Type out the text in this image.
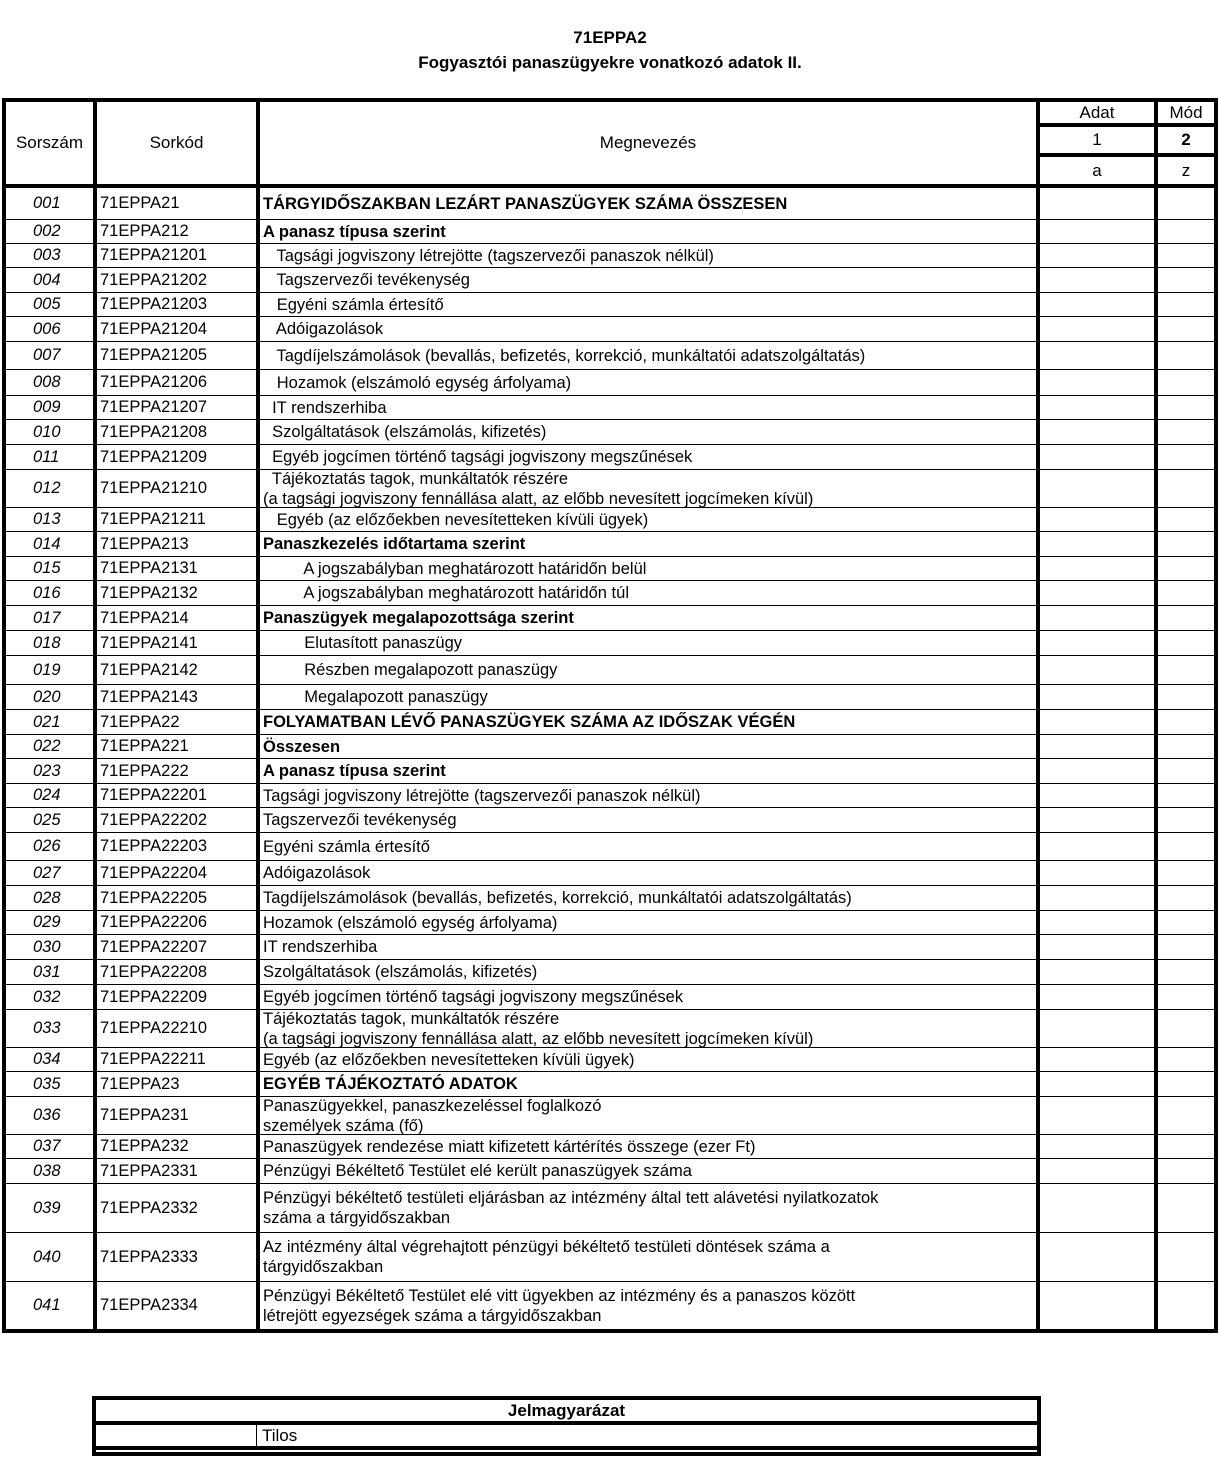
71EPPA2
Fogyasztói panaszügyekre vonatkozó adatok II.
Sorszám	Sorkód	Megnevezés
Adat	Mód
1	2
a	z
001	71EPPA21	TÁRGYIDŐSZAKBAN LEZÁRT PANASZÜGYEK SZÁMA ÖSSZESEN
002	71EPPA212	A panasz típusa szerint
003	71EPPA21201	Tagsági jogviszony létrejötte (tagszervezői panaszok nélkül)
004	71EPPA21202	Tagszervezői tevékenység
005	71EPPA21203	Egyéni számla értesítő
006	71EPPA21204	Adóigazolások
007	71EPPA21205	Tagdíjelszámolások (bevallás, befizetés, korrekció, munkáltatói adatszolgáltatás)
008	71EPPA21206	Hozamok (elszámoló egység árfolyama)
009	71EPPA21207	IT rendszerhiba
010	71EPPA21208	Szolgáltatások (elszámolás, kifizetés)
011	71EPPA21209	Egyéb jogcímen történő tagsági jogviszony megszűnések
012	71EPPA21210
Tájékoztatás tagok, munkáltatók részére
(a tagsági jogviszony fennállása alatt, az előbb nevesített jogcímeken kívül)
013	71EPPA21211	Egyéb (az előzőekben nevesítetteken kívüli ügyek)
014	71EPPA213	Panaszkezelés időtartama szerint
015	71EPPA2131	A jogszabályban meghatározott határidőn belül
016	71EPPA2132	A jogszabályban meghatározott határidőn túl
017	71EPPA214	Panaszügyek megalapozottsága szerint
018	71EPPA2141	Elutasított panaszügy
019	71EPPA2142	Részben megalapozott panaszügy
020	71EPPA2143	Megalapozott panaszügy
021	71EPPA22	FOLYAMATBAN LÉVŐ PANASZÜGYEK SZÁMA AZ IDŐSZAK VÉGÉN
022	71EPPA221	Összesen
023	71EPPA222	A panasz típusa szerint
024	71EPPA22201	Tagsági jogviszony létrejötte (tagszervezői panaszok nélkül)
025	71EPPA22202	Tagszervezői tevékenység
026	71EPPA22203	Egyéni számla értesítő
027	71EPPA22204	Adóigazolások
028	71EPPA22205	Tagdíjelszámolások (bevallás, befizetés, korrekció, munkáltatói adatszolgáltatás)
029	71EPPA22206	Hozamok (elszámoló egység árfolyama)
030	71EPPA22207	IT rendszerhiba
031	71EPPA22208	Szolgáltatások (elszámolás, kifizetés)
032	71EPPA22209	Egyéb jogcímen történő tagsági jogviszony megszűnések
033	71EPPA22210
Tájékoztatás tagok, munkáltatók részére
(a tagsági jogviszony fennállása alatt, az előbb nevesített jogcímeken kívül)
034	71EPPA22211	Egyéb (az előzőekben nevesítetteken kívüli ügyek)
035	71EPPA23	EGYÉB TÁJÉKOZTATÓ ADATOK
036	71EPPA231
Panaszügyekkel, panaszkezeléssel foglalkozó
személyek száma (fő)
037	71EPPA232	Panaszügyek rendezése miatt kifizetett kártérítés összege (ezer Ft)
038	71EPPA2331	Pénzügyi Békéltető Testület elé került panaszügyek száma
039	71EPPA2332
Pénzügyi békéltető testületi eljárásban az intézmény által tett alávetési nyilatkozatok
száma a tárgyidőszakban
040	71EPPA2333
Az intézmény által végrehajtott pénzügyi békéltető testületi döntések száma a
tárgyidőszakban
041	71EPPA2334
Pénzügyi Békéltető Testület elé vitt ügyekben az intézmény és a panaszos között
létrejött egyezségek száma a tárgyidőszakban
Jelmagyarázat
Tilos
